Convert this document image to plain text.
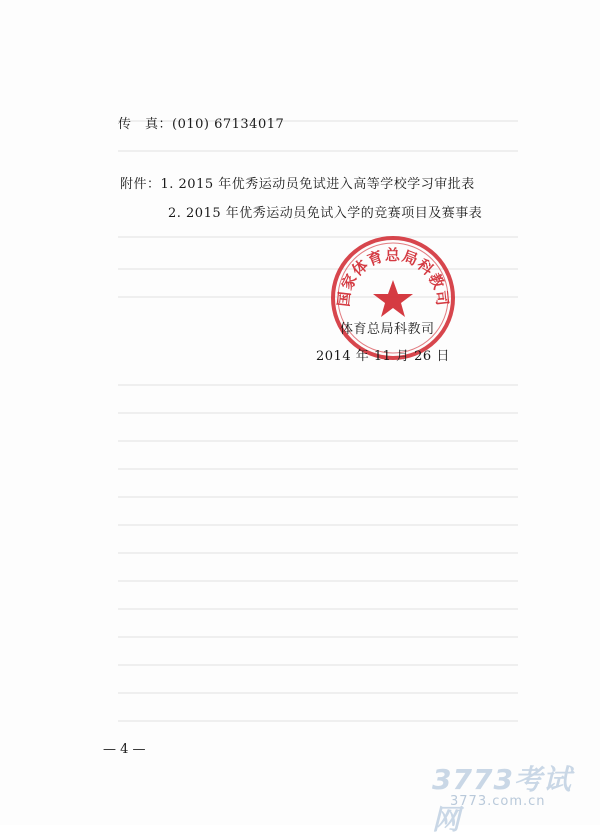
传　真：(010) 67134017
附件：1. 2015 年优秀运动员免试进入高等学校学习审批表
2. 2015 年优秀运动员免试入学的竞赛项目及赛事表
国家体育总局科教司
体育总局科教司
2014 年 11 月 26 日
— 4 —
3773考试网
3773.com.cn
